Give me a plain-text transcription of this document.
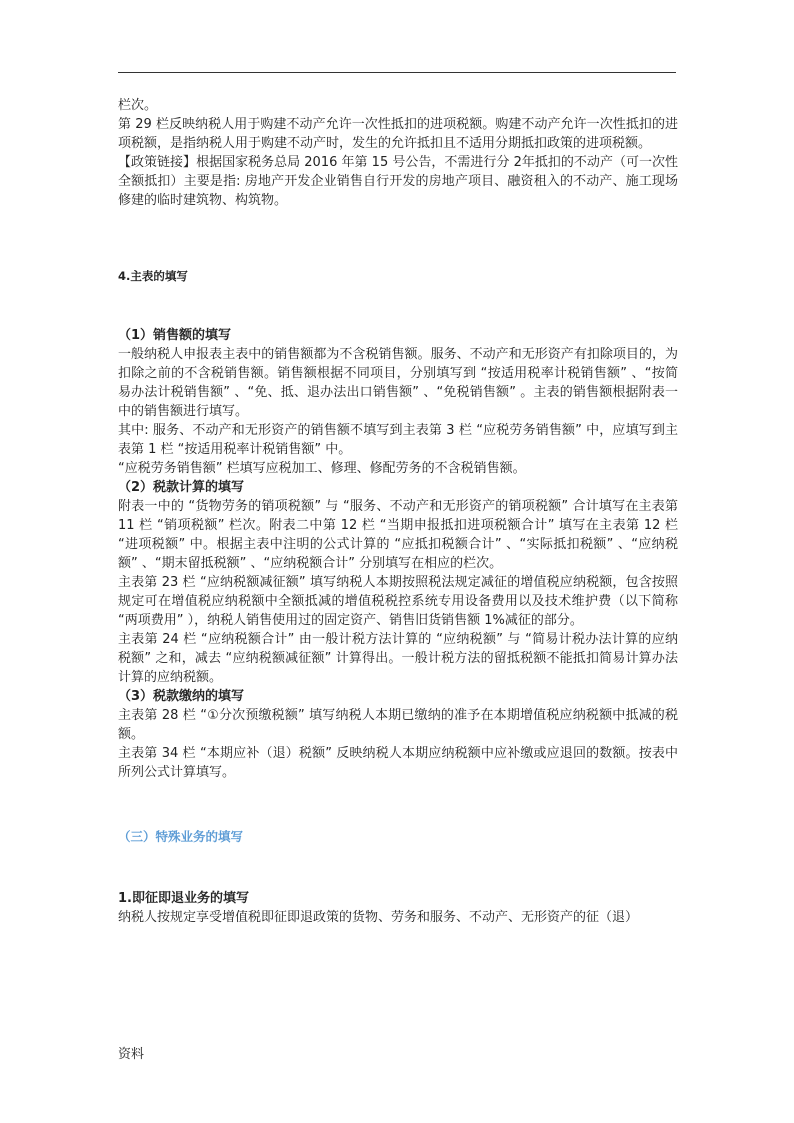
栏次。

第 29 栏反映纳税人用于购建不动产允许一次性抵扣的进项税额。购建不动产允许一次性抵扣的进项税额，是指纳税人用于购建不动产时，发生的允许抵扣且不适用分期抵扣政策的进项税额。

【政策链接】根据国家税务总局 2016 年第 15 号公告，不需进行分 2年抵扣的不动产（可一次性全额抵扣）主要是指: 房地产开发企业销售自行开发的房地产项目、融资租入的不动产、施工现场修建的临时建筑物、构筑物。

4.主表的填写

（1）销售额的填写

一般纳税人申报表主表中的销售额都为不含税销售额。服务、不动产和无形资产有扣除项目的，为扣除之前的不含税销售额。销售额根据不同项目，分别填写到 “按适用税率计税销售额” 、“按简易办法计税销售额” 、“免、抵、退办法出口销售额” 、“免税销售额” 。主表的销售额根据附表一中的销售额进行填写。

其中: 服务、不动产和无形资产的销售额不填写到主表第 3 栏 “应税劳务销售额” 中，应填写到主表第 1 栏 “按适用税率计税销售额” 中。

“应税劳务销售额” 栏填写应税加工、修理、修配劳务的不含税销售额。

（2）税款计算的填写

附表一中的 “货物劳务的销项税额” 与 “服务、不动产和无形资产的销项税额” 合计填写在主表第 11 栏 “销项税额” 栏次。附表二中第 12 栏 “当期申报抵扣进项税额合计” 填写在主表第 12 栏 “进项税额” 中。根据主表中注明的公式计算的 “应抵扣税额合计” 、“实际抵扣税额” 、“应纳税额” 、“期末留抵税额” 、“应纳税额合计” 分别填写在相应的栏次。

主表第 23 栏 “应纳税额减征额” 填写纳税人本期按照税法规定减征的增值税应纳税额，包含按照规定可在增值税应纳税额中全额抵减的增值税税控系统专用设备费用以及技术维护费（以下简称 “两项费用” ），纳税人销售使用过的固定资产、销售旧货销售额 1%减征的部分。

主表第 24 栏 “应纳税额合计” 由一般计税方法计算的 “应纳税额” 与 “简易计税办法计算的应纳税额” 之和，减去 “应纳税额减征额” 计算得出。一般计税方法的留抵税额不能抵扣简易计算办法计算的应纳税额。

（3）税款缴纳的填写

主表第 28 栏 “①分次预缴税额” 填写纳税人本期已缴纳的准予在本期增值税应纳税额中抵减的税额。

主表第 34 栏 “本期应补（退）税额” 反映纳税人本期应纳税额中应补缴或应退回的数额。按表中所列公式计算填写。

（三）特殊业务的填写

1.即征即退业务的填写

纳税人按规定享受增值税即征即退政策的货物、劳务和服务、不动产、无形资产的征（退）

资料
